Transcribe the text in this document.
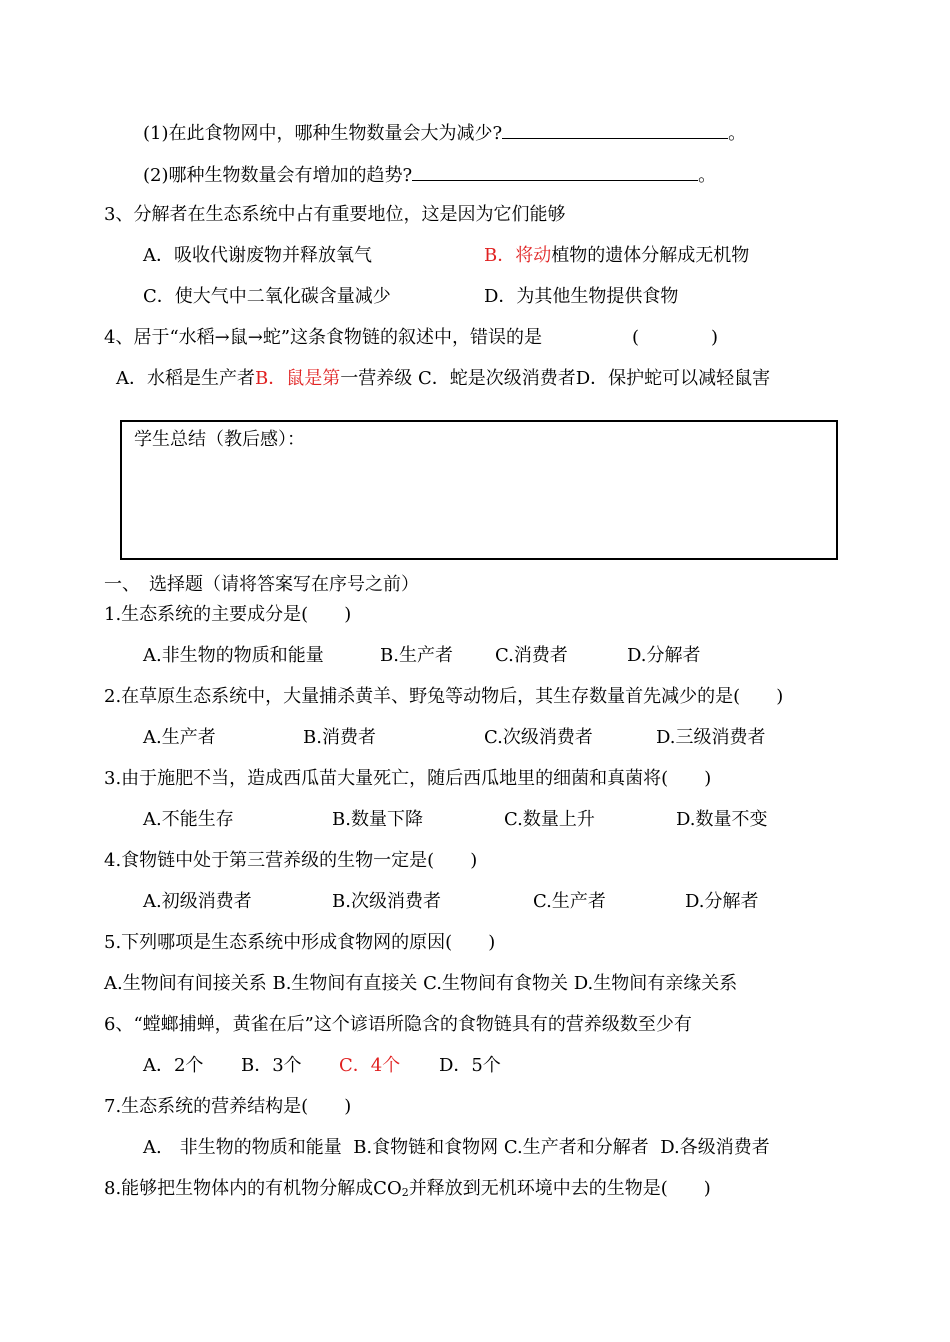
(1)在此食物网中，哪种生物数量会大为减少?	。
(2)哪种生物数量会有增加的趋势?	。
3、分解者在生态系统中占有重要地位，这是因为它们能够
A．吸收代谢废物并释放氧气	B．将动植物的遗体分解成无机物
C．使大气中二氧化碳含量减少	D．为其他生物提供食物
4、居于“水稻→鼠→蛇”这条食物链的叙述中，错误的是	(　　　　)
A．水稻是生产者B．鼠是第一营养级 C．蛇是次级消费者D．保护蛇可以减轻鼠害
学生总结（教后感）：
一、　选择题（请将答案写在序号之前）
1.生态系统的主要成分是(　　)
A.非生物的物质和能量	B.生产者 C.消费者	D.分解者
2.在草原生态系统中，大量捕杀黄羊、野兔等动物后，其生存数量首先减少的是(　　)
A.生产者	B.消费者	C.次级消费者	D.三级消费者
3.由于施肥不当，造成西瓜苗大量死亡，随后西瓜地里的细菌和真菌将(　　)
A.不能生存	B.数量下降	C.数量上升	D.数量不变
4.食物链中处于第三营养级的生物一定是(　　)
A.初级消费者	B.次级消费者	C.生产者	D.分解者
5.下列哪项是生态系统中形成食物网的原因(　　)
A.生物间有间接关系 B.生物间有直接关 C.生物间有食物关 D.生物间有亲缘关系
6、“螳螂捕蝉，黄雀在后”这个谚语所隐含的食物链具有的营养级数至少有
A．2个 B．3个 C．4个 D．5个
7.生态系统的营养结构是(　　)
A.　非生物的物质和能量 B.食物链和食物网 C.生产者和分解者 D.各级消费者
8.能够把生物体内的有机物分解成$CO_2$并释放到无机环境中去的生物是(　　)
